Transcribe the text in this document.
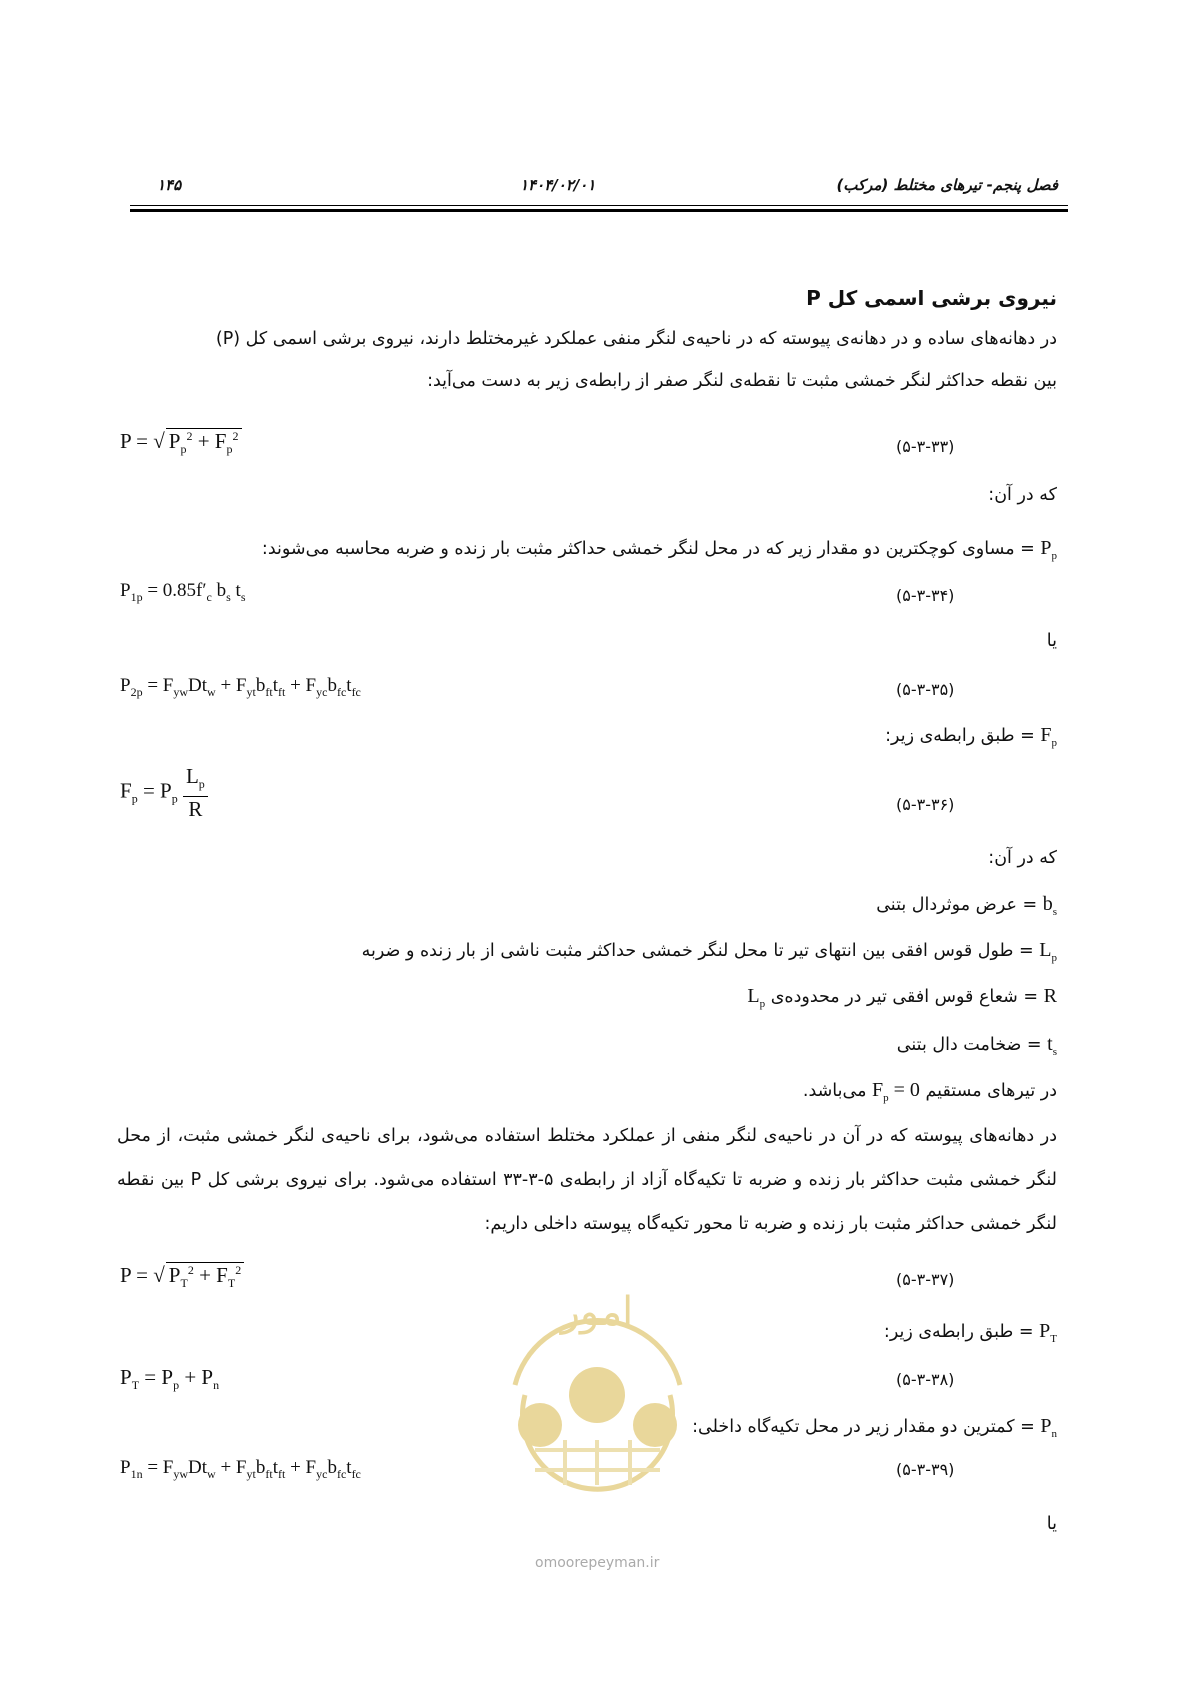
۱۴۵	۱۴۰۴/۰۲/۰۱	فصل پنجم- تیرهای مختلط (مرکب)
نیروی برشی اسمی کل P
در دهانه‌های ساده و در دهانه‌ی پیوسته که در ناحیه‌ی لنگر منفی عملکرد غیرمختلط دارند، نیروی برشی اسمی کل (P)
بین نقطه حداکثر لنگر خمشی مثبت تا نقطه‌ی لنگر صفر از رابطه‌ی زیر به دست می‌آید:
P = √ $P_p^2 + F_p^2$
(۵-۳-۳۳)
که در آن:
$P_p$ = مساوی کوچکترین دو مقدار زیر که در محل لنگر خمشی حداکثر مثبت بار زنده و ضربه محاسبه می‌شوند:
$P_{1p} = 0.85f'_c$ $b_s$ $t_s$	(۵-۳-۳۴)
یا
$P_{2p} = F_{yw}Dt_w + F_{yt}b_{ft}t_{ft} + F_{yc}b_{fc}t_{fc}$	(۵-۳-۳۵)
$F_p$ = طبق رابطه‌ی زیر:
$F_p = P_p \frac{L_p}{R}$	(۵-۳-۳۶)
که در آن:
$b_s$ = عرض موثردال بتنی
$L_p$ = طول قوس افقی بین انتهای تیر تا محل لنگر خمشی حداکثر مثبت ناشی از بار زنده و ضربه
R = شعاع قوس افقی تیر در محدوده‌ی $L_p$
$t_s$ = ضخامت دال بتنی
در تیرهای مستقیم $F_p = 0$ می‌باشد.
در دهانه‌های پیوسته که در آن در ناحیه‌ی لنگر منفی از عملکرد مختلط استفاده می‌شود، برای ناحیه‌ی لنگر خمشی مثبت، از محل لنگر خمشی مثبت حداکثر بار زنده و ضربه تا تکیه‌گاه آزاد از رابطه‌ی ۵-۳-۳۳ استفاده می‌شود. برای نیروی برشی کل P بین نقطه لنگر خمشی حداکثر مثبت بار زنده و ضربه تا محور تکیه‌گاه پیوسته داخلی داریم:
P = √ $P_T^2 + F_T^2$	(۵-۳-۳۷)
$P_T$ = طبق رابطه‌ی زیر:
امور
omoorepeyman.ir
$P_T = P_p + P_n$	(۵-۳-۳۸)
$P_n$ = کمترین دو مقدار زیر در محل تکیه‌گاه داخلی:
$P_{1n} = F_{yw}Dt_w + F_{yt}b_{ft}t_{ft} + F_{yc}b_{fc}t_{fc}$	(۵-۳-۳۹)
یا
